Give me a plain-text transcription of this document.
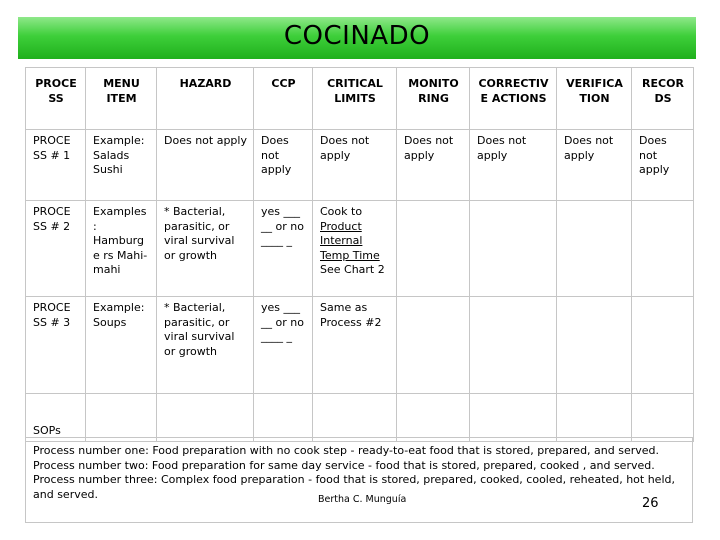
COCINADO
PROCE SS	MENU ITEM	HAZARD	CCP	CRITICAL LIMITS	MONITO RING	CORRECTIV E ACTIONS	VERIFICA TION	RECOR DS
PROCE SS # 1	Example: Salads Sushi	Does not apply	Does not apply	Does not apply	Does not apply	Does not apply	Does not apply	Does not apply
PROCE SS # 2	Examples: Hamburge rs Mahi-mahi	* Bacterial, parasitic, or viral survival or growth	yes ___ __ or no ____ _	Cook to
Product Internal Temp Time
See Chart 2				
PROCE SS # 3	Example: Soups	* Bacterial, parasitic, or viral survival or growth	yes ___ __ or no ____ _	Same as Process #2				
SOPs								
Process number one: Food preparation with no cook step - ready-to-eat food that is stored, prepared, and served.
Process number two: Food preparation for same day service - food that is stored, prepared, cooked , and served.
Process number three: Complex food preparation - food that is stored, prepared, cooked, cooled, reheated, hot held, and served.	Bertha C. Munguía	26
